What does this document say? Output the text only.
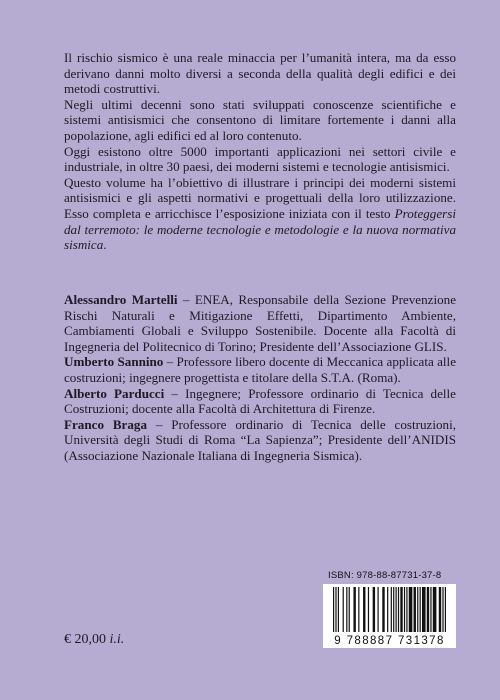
Il rischio sismico è una reale minaccia per l’umanità intera, ma da esso derivano danni molto diversi a seconda della qualità degli edifici e dei metodi costruttivi.

Negli ultimi decenni sono stati sviluppati conoscenze scientifiche e sistemi antisismici che consentono di limitare fortemente i danni alla popolazione, agli edifici ed al loro contenuto.

Oggi esistono oltre 5000 importanti applicazioni nei settori civile e industriale, in oltre 30 paesi, dei moderni sistemi e tecnologie antisismici.

Questo volume ha l’obiettivo di illustrare i principi dei moderni sistemi antisismici e gli aspetti normativi e progettuali della loro utilizzazione. Esso completa e arricchisce l’esposizione iniziata con il testo Proteggersi dal terremoto: le moderne tecnologie e metodologie e la nuova normativa sismica.

Alessandro Martelli – ENEA, Responsabile della Sezione Prevenzione Rischi Naturali e Mitigazione Effetti, Dipartimento Ambiente, Cambiamenti Globali e Sviluppo Sostenibile. Docente alla Facoltà di Ingegneria del Politecnico di Torino; Presidente dell’Associazione GLIS.

Umberto Sannino – Professore libero docente di Meccanica applicata alle costruzioni; ingegnere progettista e titolare della S.T.A. (Roma).

Alberto Parducci – Ingegnere; Professore ordinario di Tecnica delle Costruzioni; docente alla Facoltà di Architettura di Firenze.

Franco Braga – Professore ordinario di Tecnica delle costruzioni, Università degli Studi di Roma “La Sapienza”; Presidente dell’ANIDIS (Associazione Nazionale Italiana di Ingegneria Sismica).

ISBN: 978-88-87731-37-8
9 788887 731378
€ 20,00 i.i.
